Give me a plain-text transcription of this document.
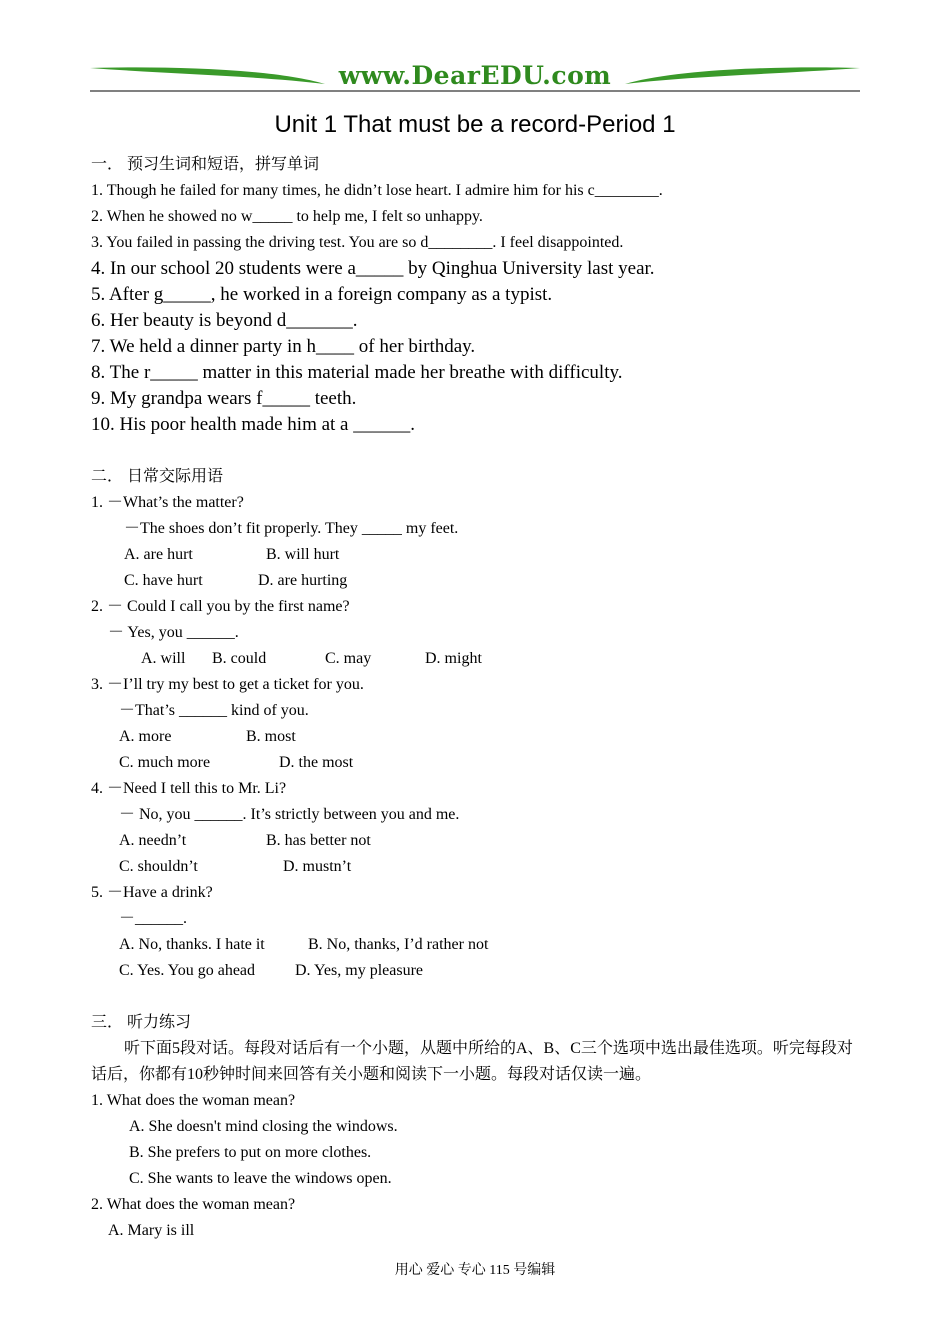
www.DearEDU.com
Unit 1 That must be a record-Period 1
一． 预习生词和短语，拼写单词
1. Though he failed for many times, he didn’t lose heart. I admire him for his c________.
2. When he showed no w_____ to help me, I felt so unhappy.
3. You failed in passing the driving test. You are so d________. I feel disappointed.
4. In our school 20 students were a_____ by Qinghua University last year.
5. After g_____, he worked in a foreign company as a typist.
6. Her beauty is beyond d_______.
7. We held a dinner party in h____ of her birthday.
8. The r_____ matter in this material made her breathe with difficulty.
9. My grandpa wears f_____ teeth.
10. His poor health made him at a ______.
二． 日常交际用语
1. －What’s the matter?
－The shoes don’t fit properly. They _____ my feet.
A. are hurt	B. will hurt
C. have hurt	D. are hurting
2. － Could I call you by the first name?
－ Yes, you ______.
A. will B. could	C. may	D. might
3. －I’ll try my best to get a ticket for you.
－That’s ______ kind of you.
A. more	B. most
C. much more	D. the most
4. －Need I tell this to Mr. Li?
－ No, you ______. It’s strictly between you and me.
A. needn’t	B. has better not
C. shouldn’t	D. mustn’t
5. －Have a drink?
－______.
A. No, thanks. I hate it	B. No, thanks, I’d rather not
C. Yes. You go ahead D. Yes, my pleasure
三． 听力练习
听下面5段对话。每段对话后有一个小题，从题中所给的A、B、C三个选项中选出最佳选项。听完每段对话后，你都有10秒钟时间来回答有关小题和阅读下一小题。每段对话仅读一遍。
1. What does the woman mean?
A. She doesn't mind closing the windows.
B. She prefers to put on more clothes.
C. She wants to leave the windows open.
2. What does the woman mean?
A. Mary is ill
用心 爱心 专心 115 号编辑
